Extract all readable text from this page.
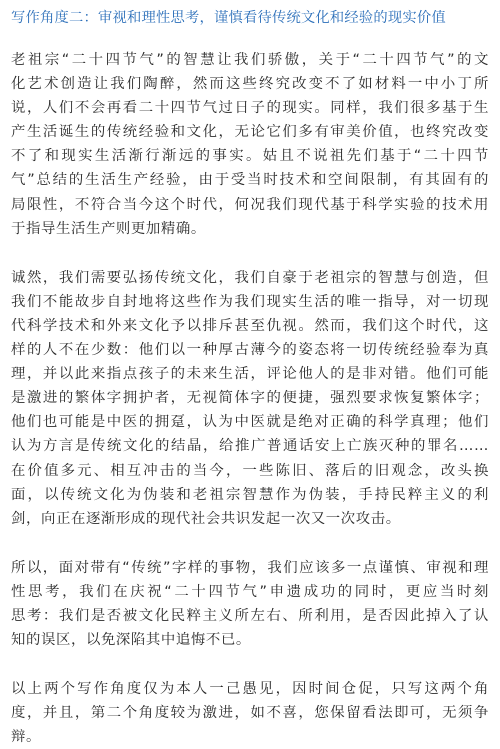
写作角度二：审视和理性思考，谨慎看待传统文化和经验的现实价值
老祖宗“二十四节气”的智慧让我们骄傲，关于“二十四节气”的文
化艺术创造让我们陶醉，然而这些终究改变不了如材料一中小丁所
说，人们不会再看二十四节气过日子的现实。同样，我们很多基于生
产生活诞生的传统经验和文化，无论它们多有审美价值，也终究改变
不了和现实生活渐行渐远的事实。姑且不说祖先们基于“二十四节
气”总结的生活生产经验，由于受当时技术和空间限制，有其固有的
局限性，不符合当今这个时代，何况我们现代基于科学实验的技术用
于指导生活生产则更加精确。
诚然，我们需要弘扬传统文化，我们自豪于老祖宗的智慧与创造，但
我们不能故步自封地将这些作为我们现实生活的唯一指导，对一切现
代科学技术和外来文化予以排斥甚至仇视。然而，我们这个时代，这
样的人不在少数：他们以一种厚古薄今的姿态将一切传统经验奉为真
理，并以此来指点孩子的未来生活，评论他人的是非对错。他们可能
是激进的繁体字拥护者，无视简体字的便捷，强烈要求恢复繁体字；
他们也可能是中医的拥趸，认为中医就是绝对正确的科学真理；他们
认为方言是传统文化的结晶，给推广普通话安上亡族灭种的罪名……
在价值多元、相互冲击的当今，一些陈旧、落后的旧观念，改头换
面，以传统文化为伪装和老祖宗智慧作为伪装，手持民粹主义的利
剑，向正在逐渐形成的现代社会共识发起一次又一次攻击。
所以，面对带有“传统”字样的事物，我们应该多一点谨慎、审视和理
性思考，我们在庆祝“二十四节气”申遗成功的同时，更应当时刻
思考：我们是否被文化民粹主义所左右、所利用，是否因此掉入了认
知的误区，以免深陷其中追悔不已。
以上两个写作角度仅为本人一己愚见，因时间仓促，只写这两个角
度，并且，第二个角度较为激进，如不喜，您保留看法即可，无须争
辩。
